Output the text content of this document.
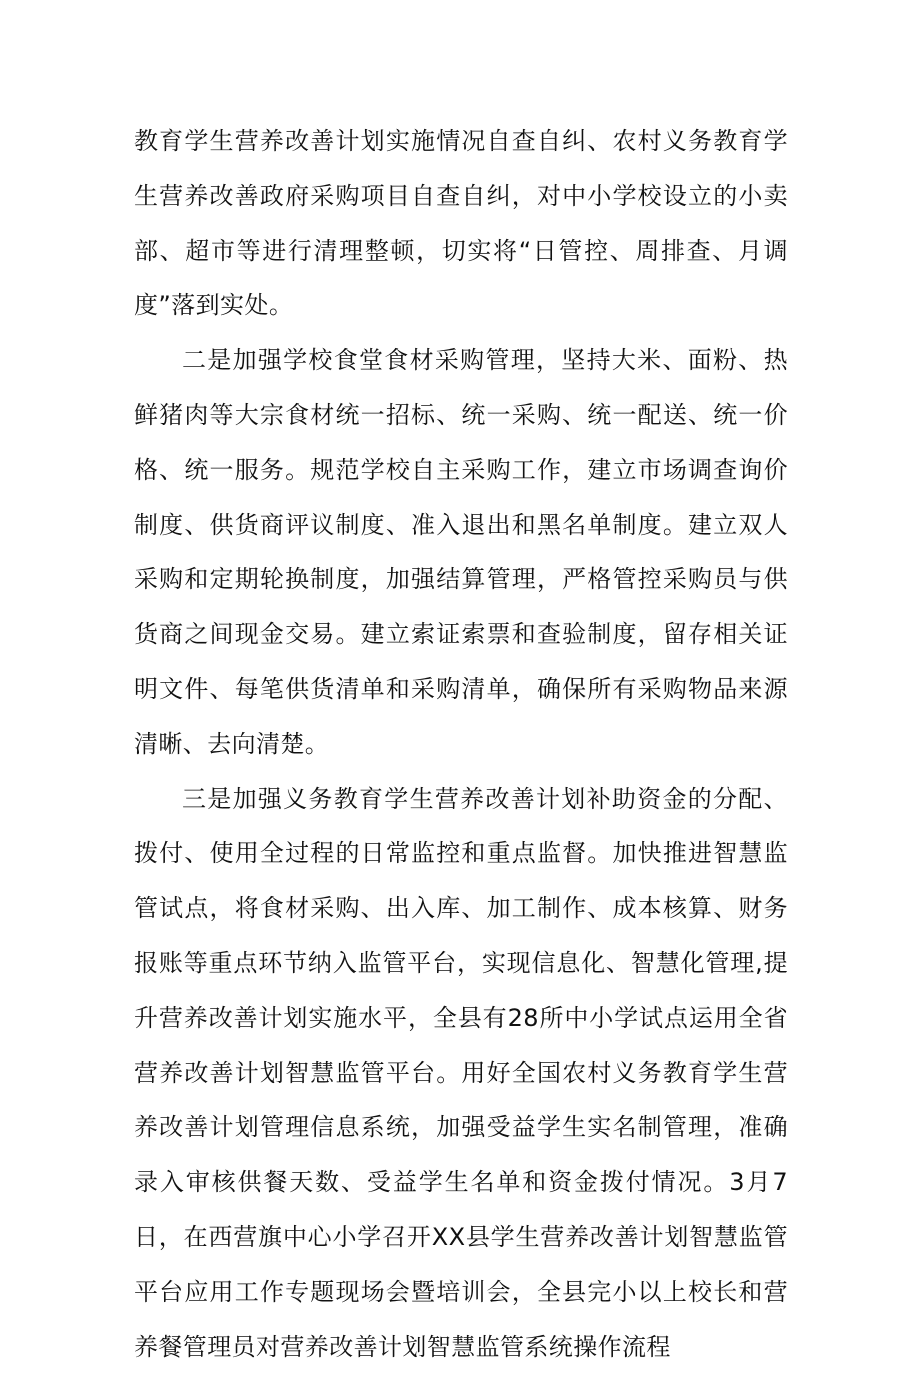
教育学生营养改善计划实施情况自查自纠、农村义务教育学生营养改善政府采购项目自查自纠，对中小学校设立的小卖部、超市等进行清理整顿，切实将“日管控、周排查、月调度”落到实处。

二是加强学校食堂食材采购管理，坚持大米、面粉、热鲜猪肉等大宗食材统一招标、统一采购、统一配送、统一价格、统一服务。规范学校自主采购工作，建立市场调查询价制度、供货商评议制度、准入退出和黑名单制度。建立双人采购和定期轮换制度，加强结算管理，严格管控采购员与供货商之间现金交易。建立索证索票和查验制度，留存相关证明文件、每笔供货清单和采购清单，确保所有采购物品来源清晰、去向清楚。

三是加强义务教育学生营养改善计划补助资金的分配、拨付、使用全过程的日常监控和重点监督。加快推进智慧监管试点，将食材采购、出入库、加工制作、成本核算、财务报账等重点环节纳入监管平台，实现信息化、智慧化管理,提升营养改善计划实施水平，全县有28所中小学试点运用全省营养改善计划智慧监管平台。用好全国农村义务教育学生营养改善计划管理信息系统，加强受益学生实名制管理，准确录入审核供餐天数、受益学生名单和资金拨付情况。3月7日，在西营旗中心小学召开XX县学生营养改善计划智慧监管平台应用工作专题现场会暨培训会，全县完小以上校长和营养餐管理员对营养改善计划智慧监管系统操作流程
